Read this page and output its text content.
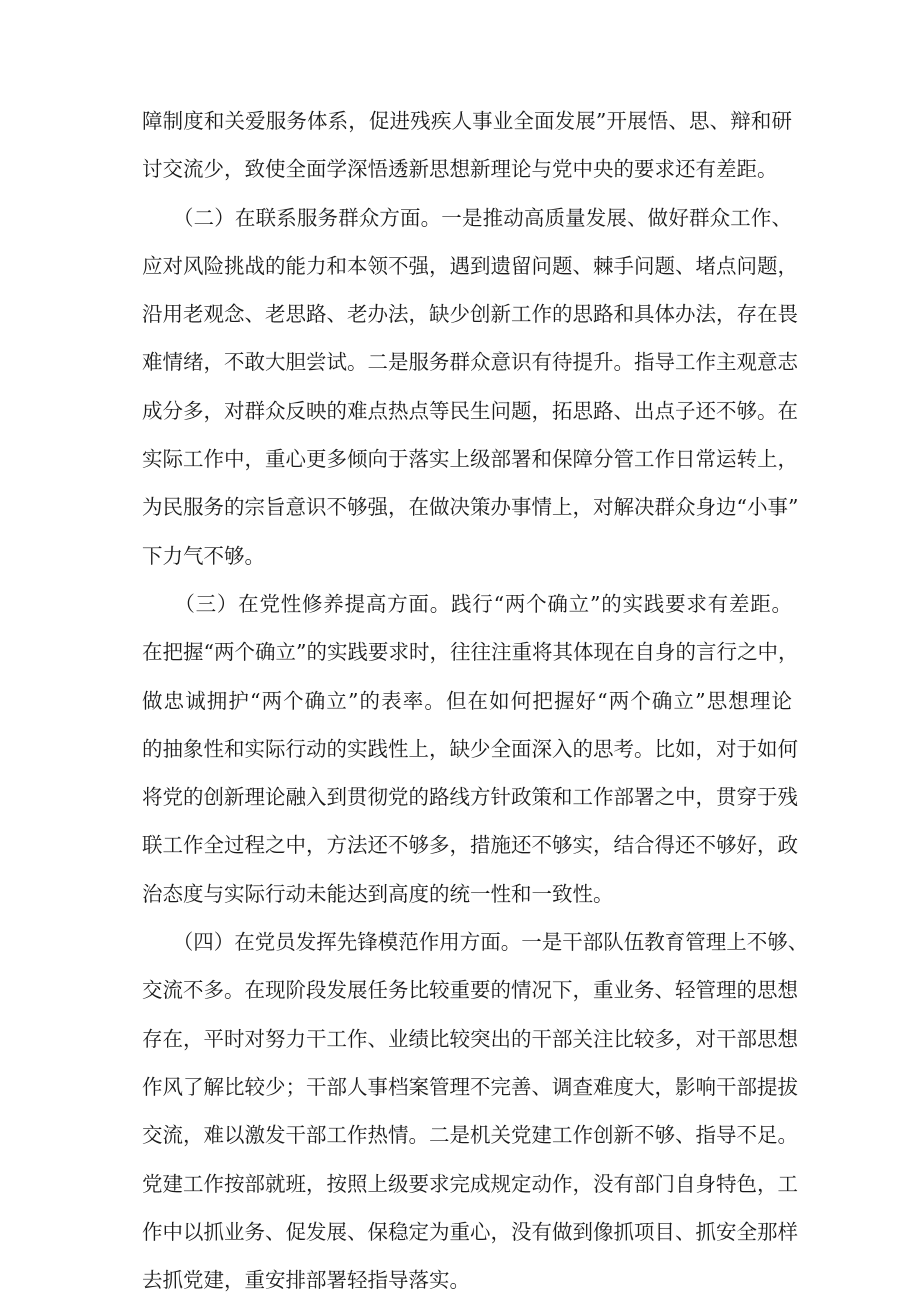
障制度和关爱服务体系，促进残疾人事业全面发展”开展悟、思、辩和研
讨交流少，致使全面学深悟透新思想新理论与党中央的要求还有差距。
　　（二）在联系服务群众方面。一是推动高质量发展、做好群众工作、
应对风险挑战的能力和本领不强，遇到遗留问题、棘手问题、堵点问题，
沿用老观念、老思路、老办法，缺少创新工作的思路和具体办法，存在畏
难情绪，不敢大胆尝试。二是服务群众意识有待提升。指导工作主观意志
成分多，对群众反映的难点热点等民生问题，拓思路、出点子还不够。在
实际工作中，重心更多倾向于落实上级部署和保障分管工作日常运转上，
为民服务的宗旨意识不够强，在做决策办事情上，对解决群众身边“小事”
下力气不够。
　　（三）在党性修养提高方面。践行“两个确立”的实践要求有差距。
在把握“两个确立”的实践要求时，往往注重将其体现在自身的言行之中，
做忠诚拥护“两个确立”的表率。但在如何把握好“两个确立”思想理论
的抽象性和实际行动的实践性上，缺少全面深入的思考。比如，对于如何
将党的创新理论融入到贯彻党的路线方针政策和工作部署之中，贯穿于残
联工作全过程之中，方法还不够多，措施还不够实，结合得还不够好，政
治态度与实际行动未能达到高度的统一性和一致性。
　　（四）在党员发挥先锋模范作用方面。一是干部队伍教育管理上不够、
交流不多。在现阶段发展任务比较重要的情况下，重业务、轻管理的思想
存在，平时对努力干工作、业绩比较突出的干部关注比较多，对干部思想
作风了解比较少；干部人事档案管理不完善、调查难度大，影响干部提拔
交流，难以激发干部工作热情。二是机关党建工作创新不够、指导不足。
党建工作按部就班，按照上级要求完成规定动作，没有部门自身特色，工
作中以抓业务、促发展、保稳定为重心，没有做到像抓项目、抓安全那样
去抓党建，重安排部署轻指导落实。
